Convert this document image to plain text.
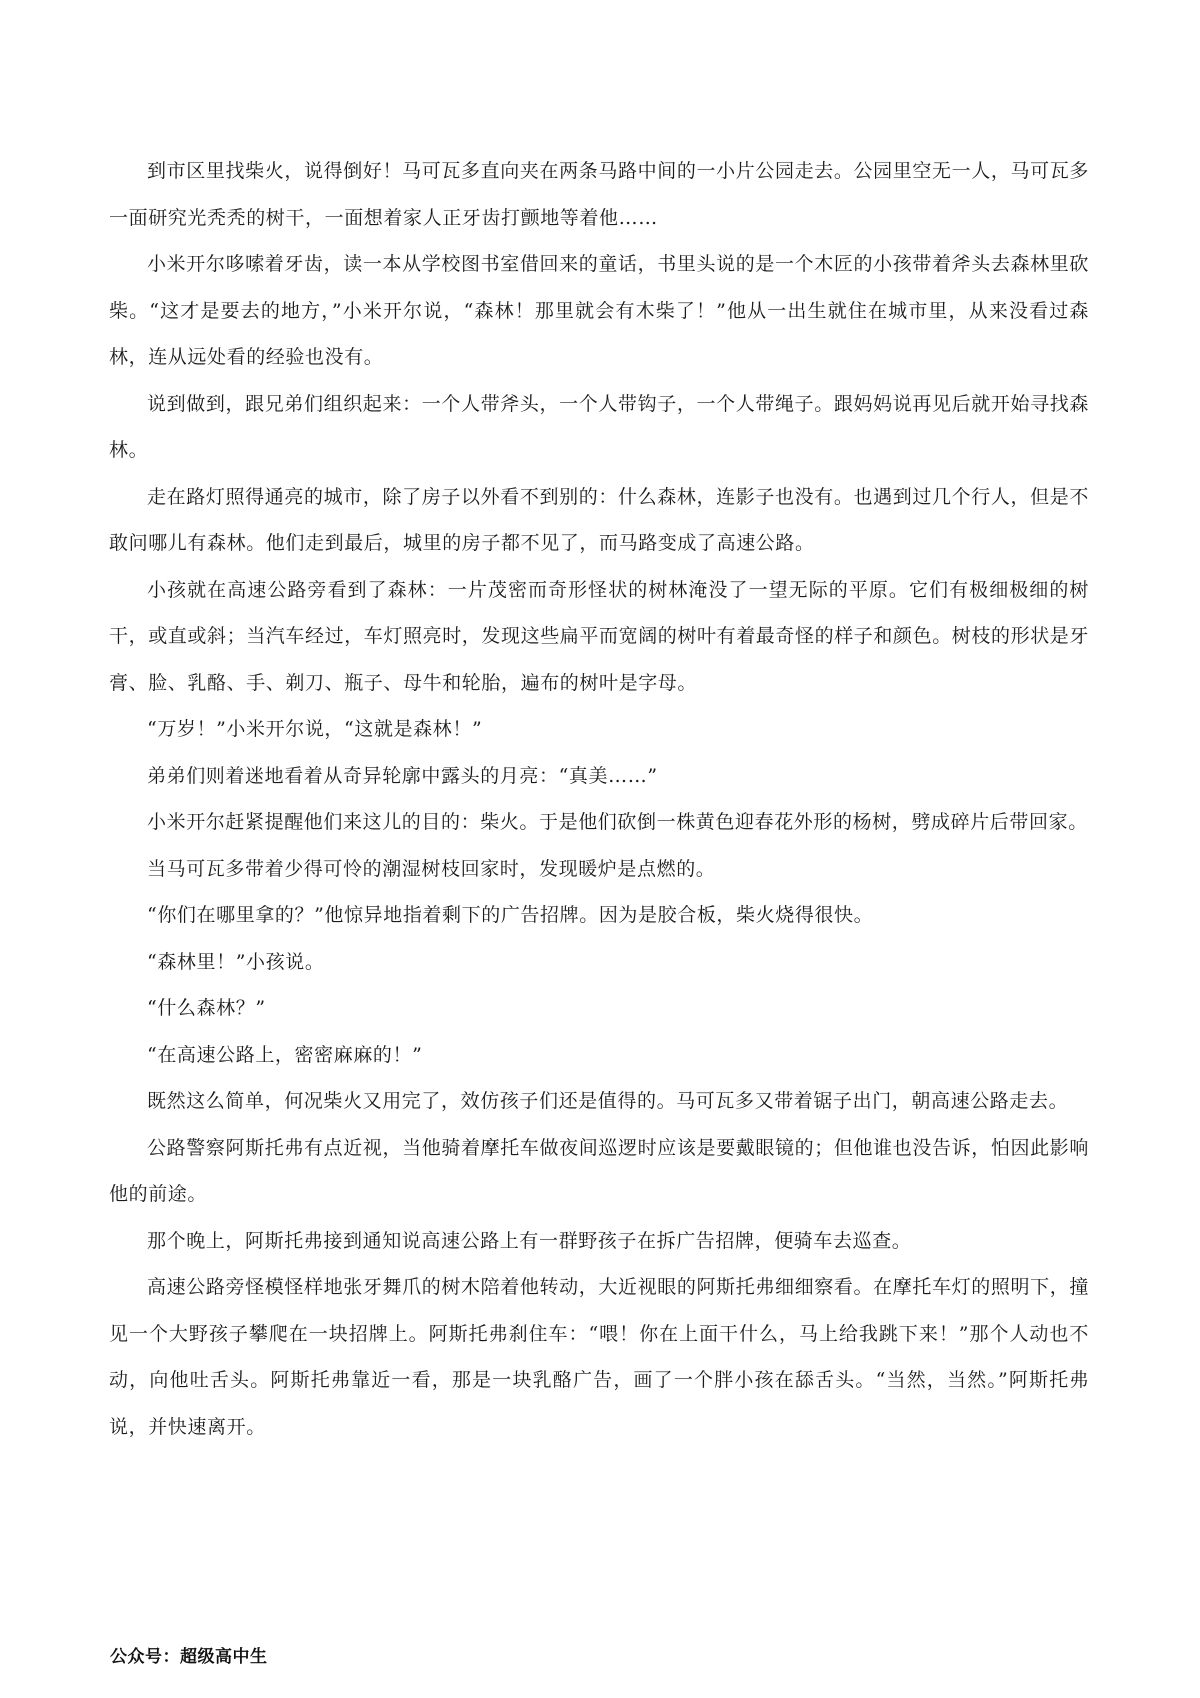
到市区里找柴火，说得倒好！马可瓦多直向夹在两条马路中间的一小片公园走去。公园里空无一人，马可瓦多一面研究光秃秃的树干，一面想着家人正牙齿打颤地等着他……

小米开尔哆嗦着牙齿，读一本从学校图书室借回来的童话，书里头说的是一个木匠的小孩带着斧头去森林里砍柴。“这才是要去的地方，”小米开尔说，“森林！那里就会有木柴了！”他从一出生就住在城市里，从来没看过森林，连从远处看的经验也没有。

说到做到，跟兄弟们组织起来：一个人带斧头，一个人带钩子，一个人带绳子。跟妈妈说再见后就开始寻找森林。

走在路灯照得通亮的城市，除了房子以外看不到别的：什么森林，连影子也没有。也遇到过几个行人，但是不敢问哪儿有森林。他们走到最后，城里的房子都不见了，而马路变成了高速公路。

小孩就在高速公路旁看到了森林：一片茂密而奇形怪状的树林淹没了一望无际的平原。它们有极细极细的树干，或直或斜；当汽车经过，车灯照亮时，发现这些扁平而宽阔的树叶有着最奇怪的样子和颜色。树枝的形状是牙膏、脸、乳酪、手、剃刀、瓶子、母牛和轮胎，遍布的树叶是字母。

“万岁！”小米开尔说，“这就是森林！”

弟弟们则着迷地看着从奇异轮廓中露头的月亮：“真美……”

小米开尔赶紧提醒他们来这儿的目的：柴火。于是他们砍倒一株黄色迎春花外形的杨树，劈成碎片后带回家。

当马可瓦多带着少得可怜的潮湿树枝回家时，发现暖炉是点燃的。

“你们在哪里拿的？”他惊异地指着剩下的广告招牌。因为是胶合板，柴火烧得很快。

“森林里！”小孩说。

“什么森林？”

“在高速公路上，密密麻麻的！”

既然这么简单，何况柴火又用完了，效仿孩子们还是值得的。马可瓦多又带着锯子出门，朝高速公路走去。

公路警察阿斯托弗有点近视，当他骑着摩托车做夜间巡逻时应该是要戴眼镜的；但他谁也没告诉，怕因此影响他的前途。

那个晚上，阿斯托弗接到通知说高速公路上有一群野孩子在拆广告招牌，便骑车去巡查。

高速公路旁怪模怪样地张牙舞爪的树木陪着他转动，大近视眼的阿斯托弗细细察看。在摩托车灯的照明下，撞见一个大野孩子攀爬在一块招牌上。阿斯托弗刹住车：“喂！你在上面干什么，马上给我跳下来！”那个人动也不动，向他吐舌头。阿斯托弗靠近一看，那是一块乳酪广告，画了一个胖小孩在舔舌头。“当然，当然。”阿斯托弗说，并快速离开。

公众号：超级高中生
